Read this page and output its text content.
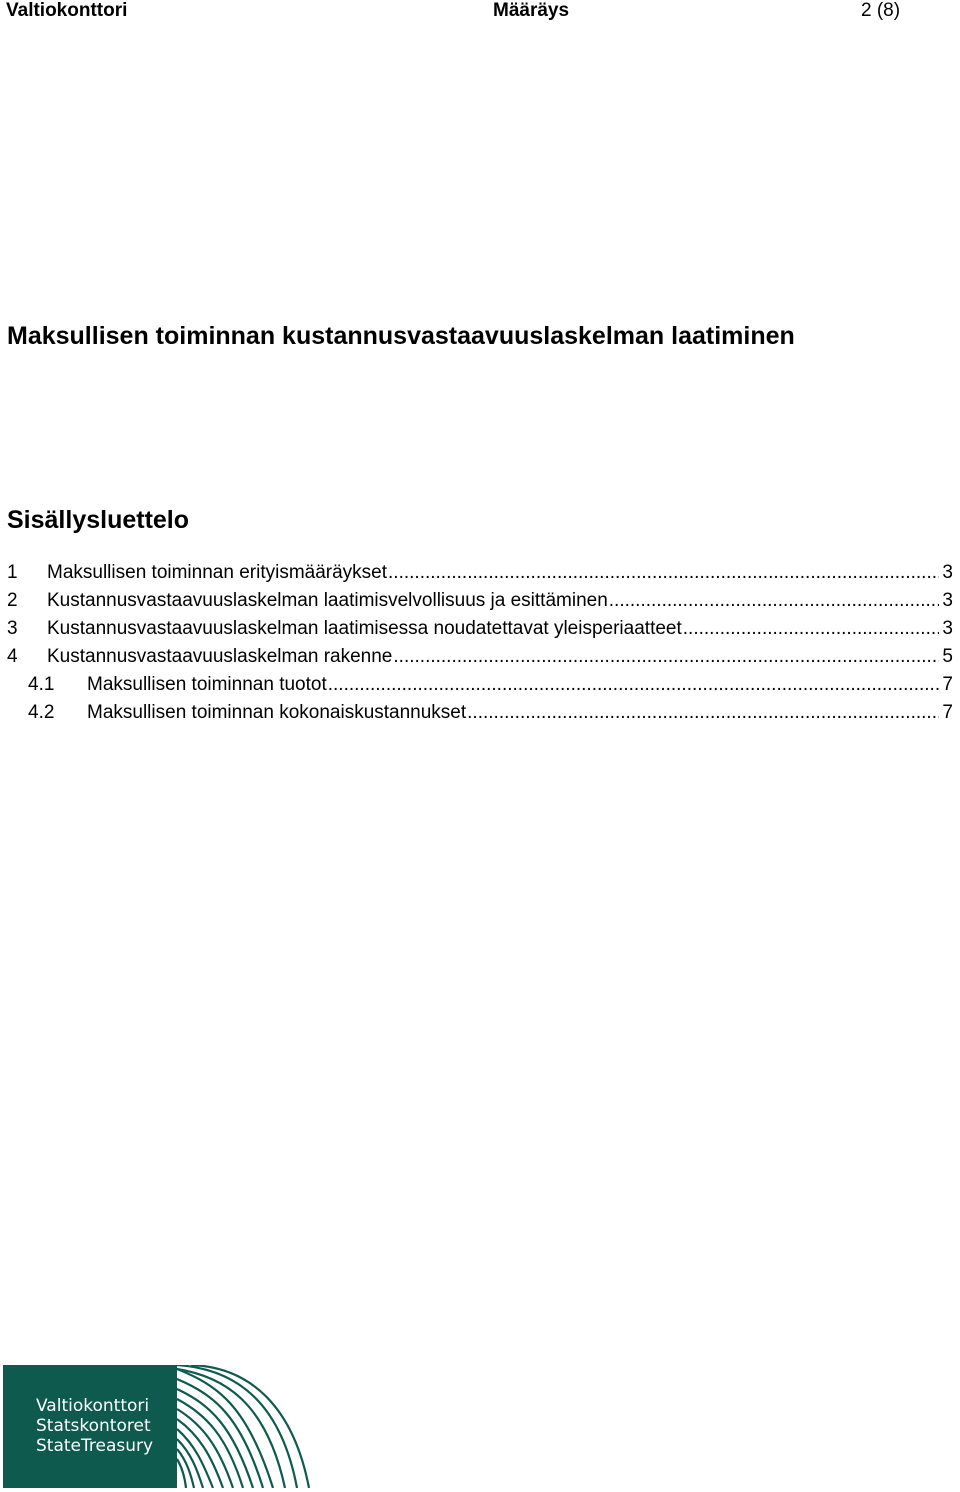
Valtiokonttori	Määräys	2 (8)
Maksullisen toiminnan kustannusvastaavuuslaskelman laatiminen
Sisällysluettelo
1	Maksullisen toiminnan erityismääräykset .....	3
2	Kustannusvastaavuuslaskelman laatimisvelvollisuus ja esittäminen .....	3
3	Kustannusvastaavuuslaskelman laatimisessa noudatettavat yleisperiaatteet .....	3
4	Kustannusvastaavuuslaskelman rakenne .....	5
4.1	Maksullisen toiminnan tuotot .....	7
4.2	Maksullisen toiminnan kokonaiskustannukset .....	7
Valtiokonttori
Statskontoret
StateTreasury
